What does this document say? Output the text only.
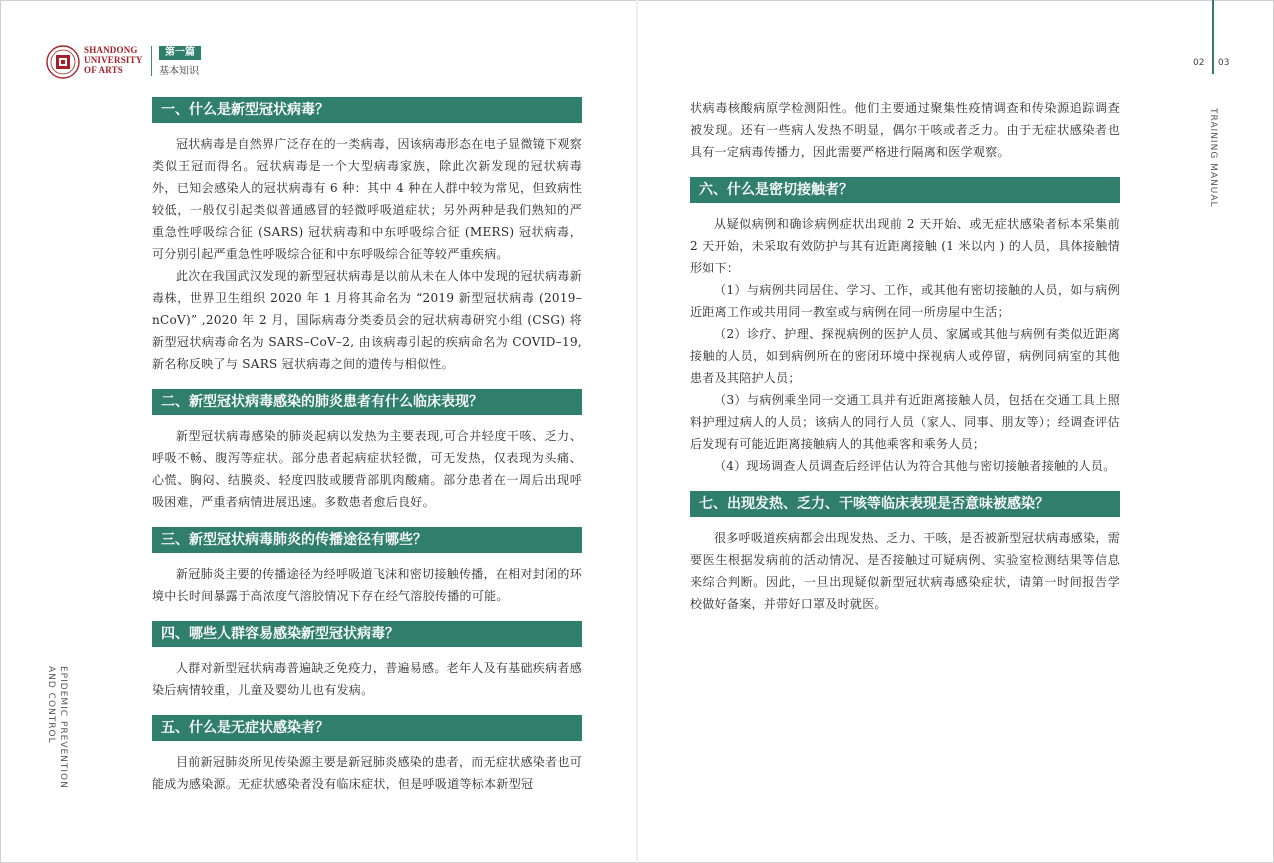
SHANDONG
UNIVERSITY
OF ARTS
第一篇
基本知识
02 03
TRAINING MANUAL
EPIDEMIC PREVENTION
AND CONTROL
一、什么是新型冠状病毒？

冠状病毒是自然界广泛存在的一类病毒，因该病毒形态在电子显微镜下观察类似王冠而得名。冠状病毒是一个大型病毒家族，除此次新发现的冠状病毒外，已知会感染人的冠状病毒有 6 种：其中 4 种在人群中较为常见，但致病性较低，一般仅引起类似普通感冒的轻微呼吸道症状；另外两种是我们熟知的严重急性呼吸综合征 (SARS) 冠状病毒和中东呼吸综合征 (MERS) 冠状病毒，可分别引起严重急性呼吸综合征和中东呼吸综合征等较严重疾病。

此次在我国武汉发现的新型冠状病毒是以前从未在人体中发现的冠状病毒新毒株，世界卫生组织 2020 年 1 月将其命名为 “2019 新型冠状病毒 (2019–nCoV)” ,2020 年 2 月，国际病毒分类委员会的冠状病毒研究小组 (CSG) 将新型冠状病毒命名为 SARS–CoV–2, 由该病毒引起的疾病命名为 COVID–19, 新名称反映了与 SARS 冠状病毒之间的遗传与相似性。

二、新型冠状病毒感染的肺炎患者有什么临床表现？

新型冠状病毒感染的肺炎起病以发热为主要表现,可合并轻度干咳、乏力、呼吸不畅、腹泻等症状。部分患者起病症状轻微，可无发热，仅表现为头痛、心慌、胸闷、结膜炎、轻度四肢或腰背部肌肉酸痛。部分患者在一周后出现呼吸困难，严重者病情进展迅速。多数患者愈后良好。

三、新型冠状病毒肺炎的传播途径有哪些？

新冠肺炎主要的传播途径为经呼吸道飞沫和密切接触传播，在相对封闭的环境中长时间暴露于高浓度气溶胶情况下存在经气溶胶传播的可能。

四、哪些人群容易感染新型冠状病毒？

人群对新型冠状病毒普遍缺乏免疫力，普遍易感。老年人及有基础疾病者感染后病情较重，儿童及婴幼儿也有发病。

五、什么是无症状感染者？

目前新冠肺炎所见传染源主要是新冠肺炎感染的患者，而无症状感染者也可能成为感染源。无症状感染者没有临床症状，但是呼吸道等标本新型冠

状病毒核酸病原学检测阳性。他们主要通过聚集性疫情调查和传染源追踪调查被发现。还有一些病人发热不明显，偶尔干咳或者乏力。由于无症状感染者也具有一定病毒传播力，因此需要严格进行隔离和医学观察。

六、什么是密切接触者？

从疑似病例和确诊病例症状出现前 2 天开始、或无症状感染者标本采集前 2 天开始，未采取有效防护与其有近距离接触 (1 米以内 ) 的人员，具体接触情形如下：

（1）与病例共同居住、学习、工作，或其他有密切接触的人员，如与病例近距离工作或共用同一教室或与病例在同一所房屋中生活；

（2）诊疗、护理、探视病例的医护人员、家属或其他与病例有类似近距离接触的人员，如到病例所在的密闭环境中探视病人或停留，病例同病室的其他患者及其陪护人员；

（3）与病例乘坐同一交通工具并有近距离接触人员，包括在交通工具上照料护理过病人的人员；该病人的同行人员（家人、同事、朋友等）；经调查评估后发现有可能近距离接触病人的其他乘客和乘务人员；

（4）现场调查人员调查后经评估认为符合其他与密切接触者接触的人员。

七、出现发热、乏力、干咳等临床表现是否意味被感染？

很多呼吸道疾病都会出现发热、乏力、干咳，是否被新型冠状病毒感染，需要医生根据发病前的活动情况、是否接触过可疑病例、实验室检测结果等信息来综合判断。因此，一旦出现疑似新型冠状病毒感染症状，请第一时间报告学校做好备案，并带好口罩及时就医。
